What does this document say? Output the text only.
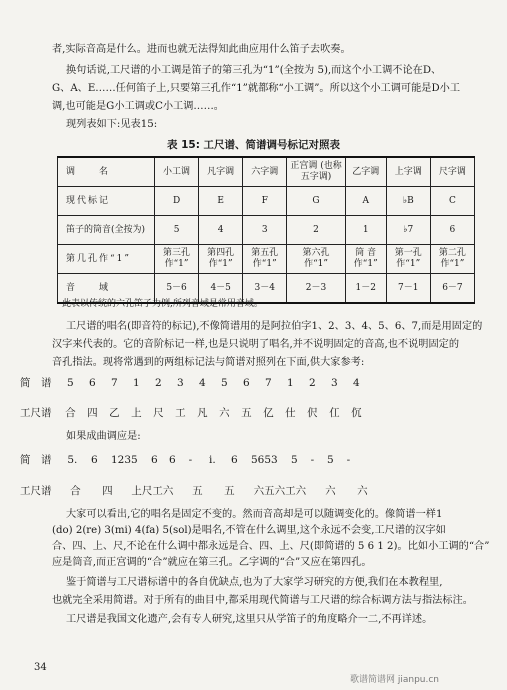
者,实际音高是什么。进而也就无法得知此曲应用什么笛子去吹奏。
换句话说,工尺谱的小工调是笛子的第三孔为“1”(全按为 5),而这个小工调不论在D、
G、A、E……任何笛子上,只要第三孔作“1”就都称“小工调”。所以这个小工调可能是D小工
调,也可能是G小工调或C小工调……。
现列表如下:见表15:
表 15: 工尺谱、简谱调号标记对照表
调　　名	小工调	凡字调	六字调	正宫调 (也称五字调)	乙字调	上字调	尺字调
现代标记	D	E	F	G	A	♭B	C
笛子的筒音(全按为)	5	4	3	2	1	♭7	6
第几孔作“1”	第三孔 作“1”	第四孔 作“1”	第五孔 作“1”	第六孔 作“1”	筒 音 作“1”	第一孔 作“1”	第二孔 作“1”
音　　域	5－6	4－5	3－4	2－3	1－2	7－1	6－7
此表以传统的六孔笛子为例,所列音域是常用音域。
工尺谱的唱名(即音符的标记),不像简谱用的是阿拉伯字1、2、3、4、5、6、7,而是用固定的
汉字来代表的。它的音阶标记一样,也是只说明了唱名,并不说明固定的音高,也不说明固定的
音孔指法。现将常遇到的两组标记法与简谱对照列在下面,供大家参考:
简　谱 5 6 7 1 2 3 4 5 6 7 1 2 3 4
工尺谱 合 四 乙 上 尺 工 凡 六 五 亿 仕 伬 仜 伔
如果成曲调应是:
简　谱 5. 6 1235 6 6 - i. 6 5653 5 - 5 -
工尺谱 合 四 上尺工六 五 五 六五六工六 六 六
大家可以看出,它的唱名是固定不变的。然而音高却是可以随调变化的。像简谱一样1
(do) 2(re) 3(mi) 4(fa) 5(sol)是唱名,不管在什么调里,这个永远不会变,工尺谱的汉字如
合、四、上、尺,不论在什么调中都永远是合、四、上、尺(即简谱的 5 6 1 2)。比如小工调的“合”
应是筒音,而正宫调的“合”就应在第三孔。乙字调的“合”又应在第四孔。
鉴于简谱与工尺谱标谱中的各自优缺点,也为了大家学习研究的方便,我们在本教程里,
也就完全采用简谱。对于所有的曲目中,都采用现代简谱与工尺谱的综合标调方法与指法标注。
工尺谱是我国文化遗产,会有专人研究,这里只从学笛子的角度略介一二,不再详述。
34
歌谱简谱网 jianpu.cn
